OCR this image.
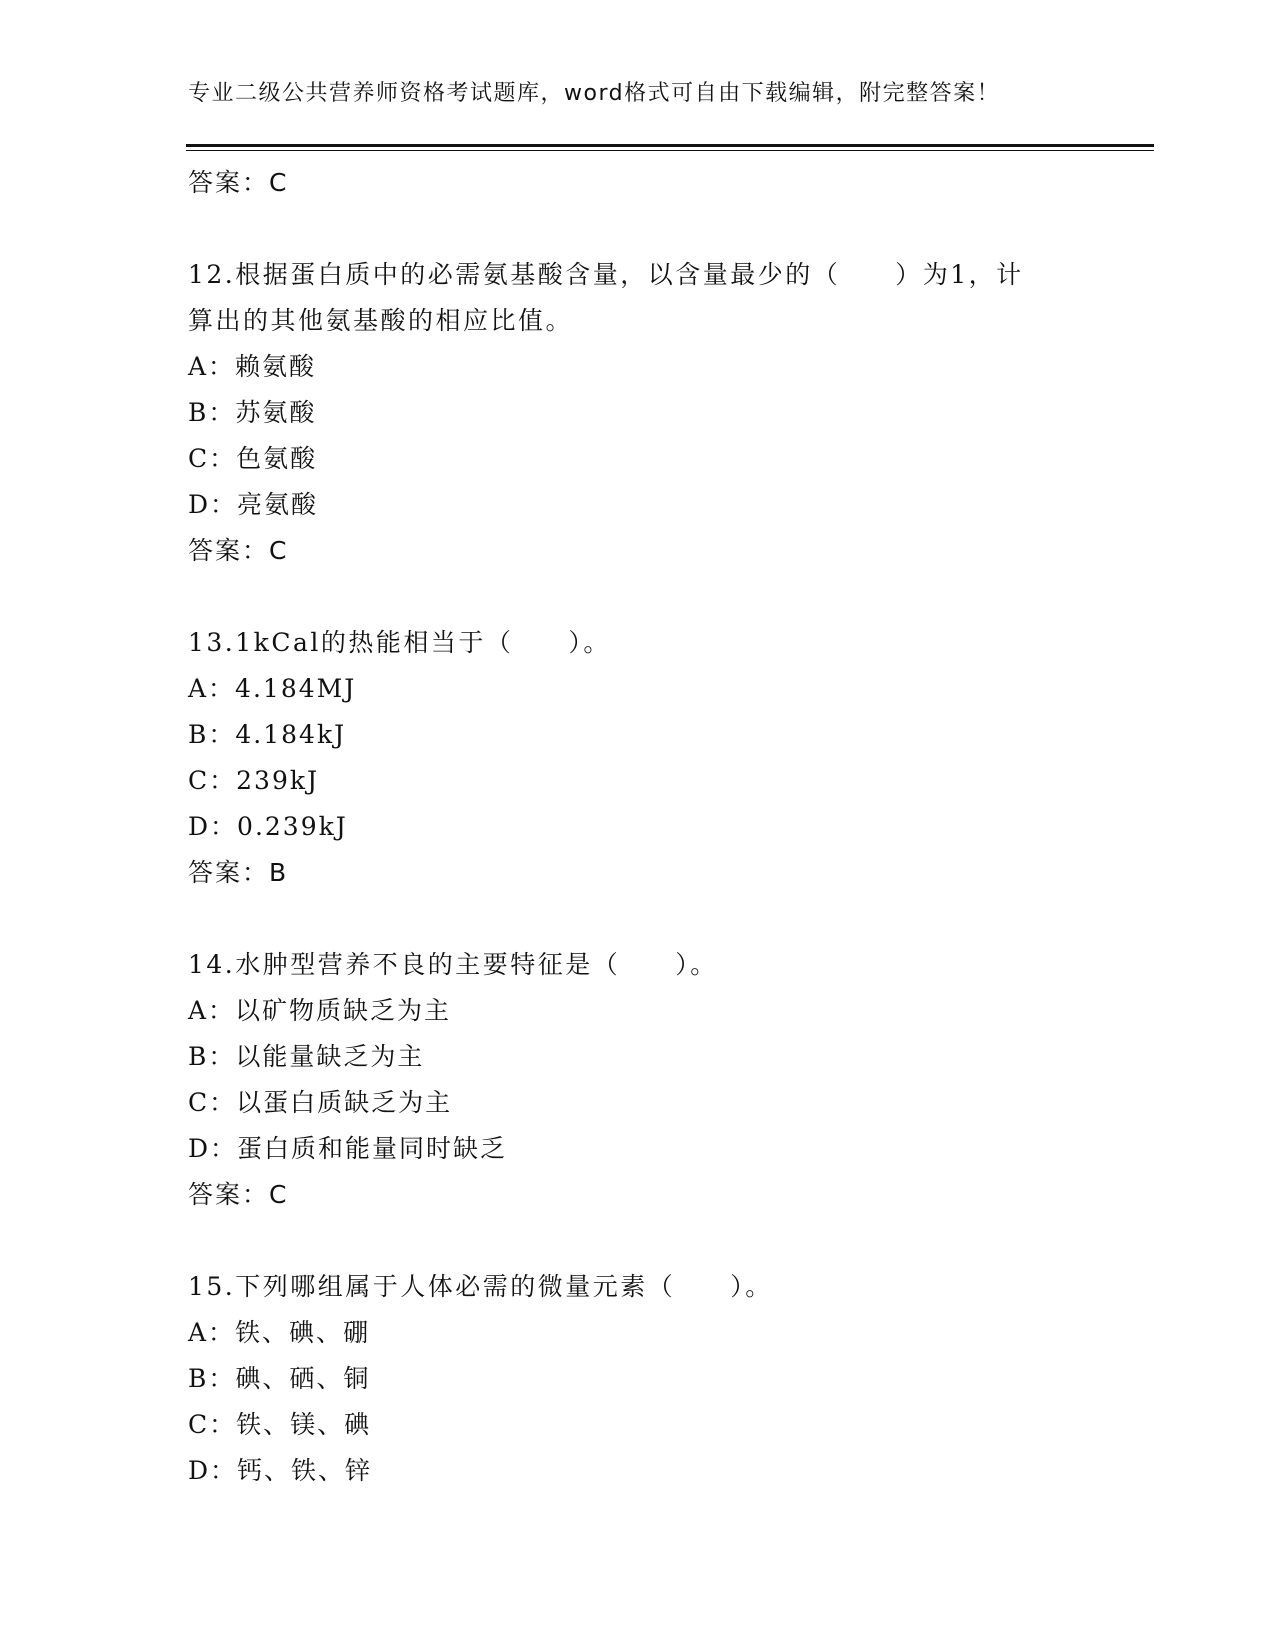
专业二级公共营养师资格考试题库，word格式可自由下载编辑，附完整答案！
答案：C
12.根据蛋白质中的必需氨基酸含量，以含量最少的（　　）为1，计
算出的其他氨基酸的相应比值。
A：赖氨酸
B：苏氨酸
C：色氨酸
D：亮氨酸
答案：C
13.1kCal的热能相当于（　　）。
A：4.184MJ
B：4.184kJ
C：239kJ
D：0.239kJ
答案：B
14.水肿型营养不良的主要特征是（　　）。
A：以矿物质缺乏为主
B：以能量缺乏为主
C：以蛋白质缺乏为主
D：蛋白质和能量同时缺乏
答案：C
15.下列哪组属于人体必需的微量元素（　　）。
A：铁、碘、硼
B：碘、硒、铜
C：铁、镁、碘
D：钙、铁、锌
